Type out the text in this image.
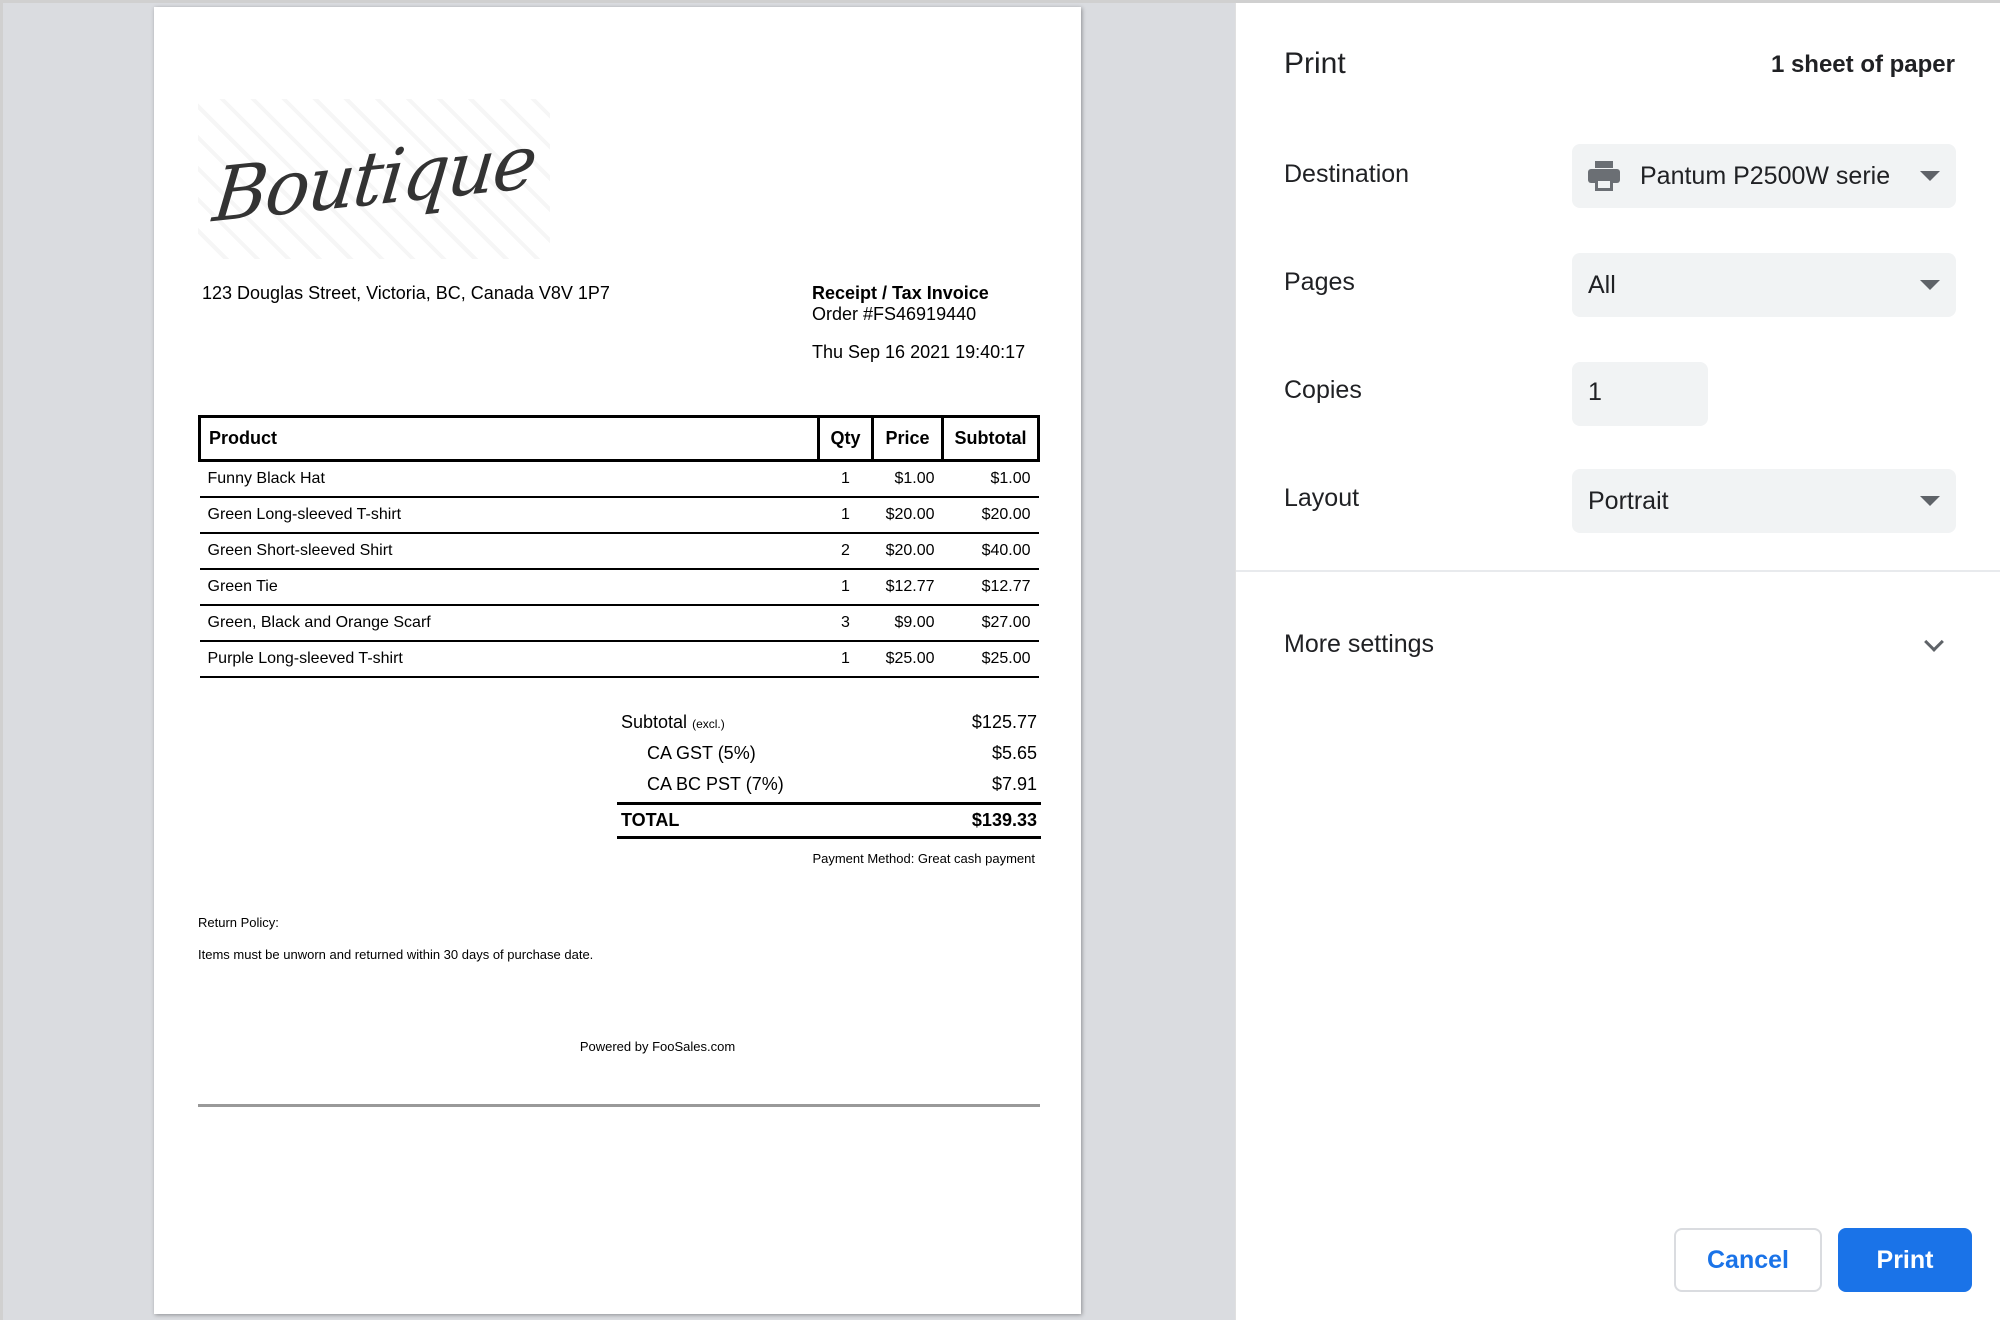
Boutique
123 Douglas Street, Victoria, BC, Canada V8V 1P7	Receipt / Tax Invoice
Order #FS46919440
Thu Sep 16 2021 19:40:17
Product	Qty	Price	Subtotal
Funny Black Hat	1	$1.00	$1.00
Green Long-sleeved T-shirt	1	$20.00	$20.00
Green Short-sleeved Shirt	2	$20.00	$40.00
Green Tie	1	$12.77	$12.77
Green, Black and Orange Scarf	3	$9.00	$27.00
Purple Long-sleeved T-shirt	1	$25.00	$25.00
Subtotal (excl.)	$125.77
CA GST (5%)	$5.65
CA BC PST (7%)	$7.91
TOTAL	$139.33
Payment Method: Great cash payment
Return Policy:
Items must be unworn and returned within 30 days of purchase date.
Powered by FooSales.com
Print	1 sheet of paper
Destination	Pantum P2500W serie
Pages	All
Copies	1
Layout	Portrait
More settings
Cancel	Print
